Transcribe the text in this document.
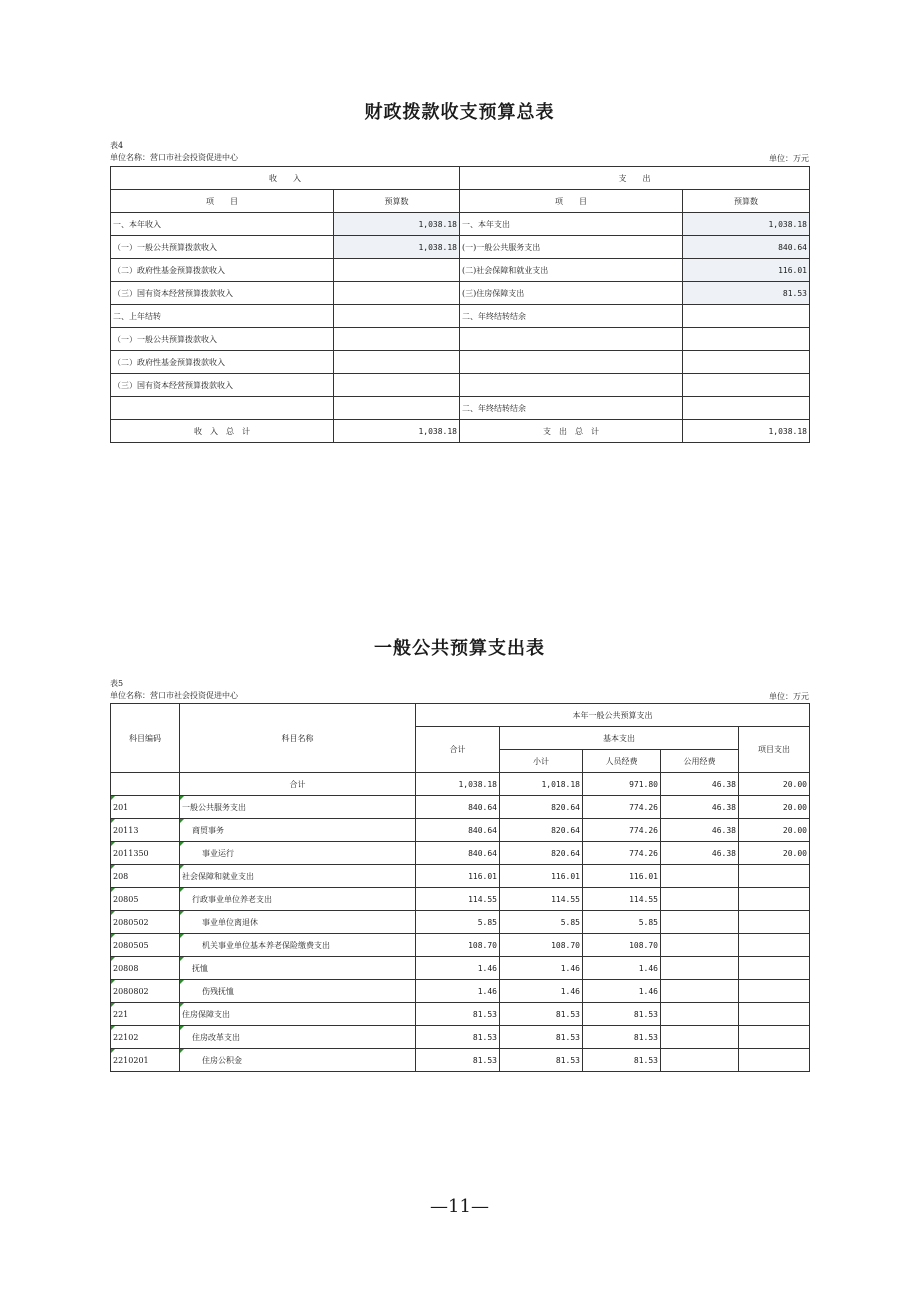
财政拨款收支预算总表
表4
单位名称：营口市社会投资促进中心	单位：万元
收　　入		支　　出	
项　　目	预算数	项　　目	预算数
一、本年收入	1,038.18	一、本年支出	1,038.18
（一）一般公共预算拨款收入	1,038.18	(一)一般公共服务支出	840.64
（二）政府性基金预算拨款收入		(二)社会保障和就业支出	116.01
（三）国有资本经营预算拨款收入		(三)住房保障支出	81.53
二、上年结转		二、年终结转结余	
（一）一般公共预算拨款收入			
（二）政府性基金预算拨款收入			
（三）国有资本经营预算拨款收入			
		二、年终结转结余	
收　入　总　计	1,038.18	支　出　总　计	1,038.18
一般公共预算支出表
表5
单位名称：营口市社会投资促进中心	单位：万元
科目编码	科目名称	本年一般公共预算支出				
		合计	基本支出			项目支出
			小计	人员经费	公用经费	
	合计	1,038.18	1,018.18	971.80	46.38	20.00
201	一般公共服务支出	840.64	820.64	774.26	46.38	20.00
20113	商贸事务	840.64	820.64	774.26	46.38	20.00
2011350	事业运行	840.64	820.64	774.26	46.38	20.00
208	社会保障和就业支出	116.01	116.01	116.01		
20805	行政事业单位养老支出	114.55	114.55	114.55		
2080502	事业单位离退休	5.85	5.85	5.85		
2080505	机关事业单位基本养老保险缴费支出	108.70	108.70	108.70		
20808	抚恤	1.46	1.46	1.46		
2080802	伤残抚恤	1.46	1.46	1.46		
221	住房保障支出	81.53	81.53	81.53		
22102	住房改革支出	81.53	81.53	81.53		
2210201	住房公积金	81.53	81.53	81.53		
—11—
